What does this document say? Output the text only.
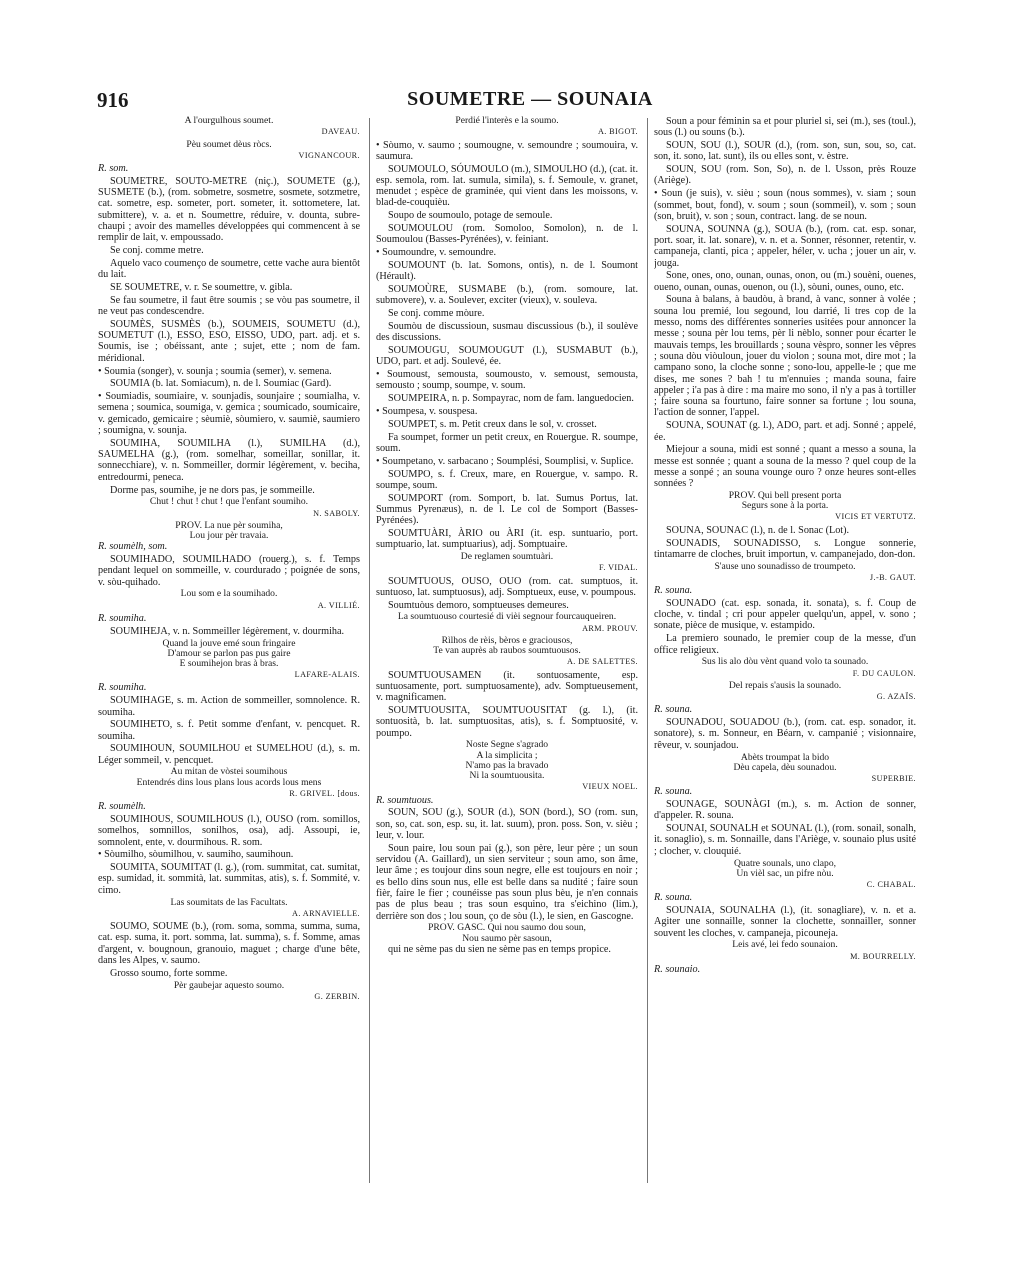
916	SOUMETRE — SOUNAIA

A l'ourgulhous soumet.

DAVEAU.

Pèu soumet dèus ròcs.

VIGNANCOUR.

R. som.

SOUMETRE, SOUTO-METRE (niç.), SOUMETE (g.), SUSMETE (b.), (rom. sobmetre, sosmetre, sosmete, sotzmetre, cat. sometre, esp. someter, port. someter, it. sottometere, lat. submittere), v. a. et n. Soumettre, réduire, v. dounta, subre-chaupi ; avoir des mamelles développées qui commencent à se remplir de lait, v. empoussado.

Se conj. comme metre.

Aquelo vaco coumenço de soumetre, cette vache aura bientôt du lait.

SE SOUMETRE, v. r. Se soumettre, v. gibla.

Se fau soumetre, il faut être soumis ; se vòu pas soumetre, il ne veut pas condescendre.

SOUMÈS, SUSMÈS (b.), SOUMEIS, SOUMETU (d.), SOUMETUT (l.), ESSO, ESO, EISSO, UDO, part. adj. et s. Soumis, ise ; obéissant, ante ; sujet, ette ; nom de fam. méridional.

• Soumia (songer), v. sounja ; soumia (semer), v. semena.

SOUMIA (b. lat. Somiacum), n. de l. Soumiac (Gard).

• Soumiadis, soumiaire, v. sounjadis, sounjaire ; soumialha, v. semena ; soumica, soumiga, v. gemica ; soumicado, soumicaire, v. gemicado, gemicaire ; sèumiè, sòumiero, v. saumiè, saumiero ; soumigna, v. sounja.

SOUMIHA, SOUMILHA (l.), SUMILHA (d.), SAUMELHA (g.), (rom. somelhar, someillar, sonillar, it. sonnecchiare), v. n. Sommeiller, dormir légèrement, v. beciha, entredourmi, peneca.

Dorme pas, soumihe, je ne dors pas, je sommeille.

Chut ! chut ! chut ! que l'enfant soumiho.

N. SABOLY.

PROV. La nue pèr soumiha,

Lou jour pèr travaia.

R. soumèlh, som.

SOUMIHADO, SOUMILHADO (rouerg.), s. f. Temps pendant lequel on sommeille, v. courdurado ; poignée de sons, v. sòu-quihado.

Lou som e la soumihado.

A. VILLIÉ.

R. soumiha.

SOUMIHEJA, v. n. Sommeiller légèrement, v. dourmiha.

Quand la jouve emé soun fringaire

D'amour se parlon pas pus gaire

E soumihejon bras à bras.

LAFARE-ALAIS.

R. soumiha.

SOUMIHAGE, s. m. Action de sommeiller, somnolence. R. soumiha.

SOUMIHETO, s. f. Petit somme d'enfant, v. pencquet. R. soumiha.

SOUMIHOUN, SOUMILHOU et SUMELHOU (d.), s. m. Léger sommeil, v. pencquet.

Au mitan de vòstei soumihous

Entendrés dins lous plans lous acords lous mens

R. GRIVEL. [dous.

R. soumèlh.

SOUMIHOUS, SOUMILHOUS (l.), OUSO (rom. somillos, somelhos, somnillos, sonilhos, osa), adj. Assoupi, ie, somnolent, ente, v. dourmihous. R. som.

• Sòumilho, sòumilhou, v. saumiho, saumihoun.

SOUMITA, SOUMITAT (l. g.), (rom. summitat, cat. sumitat, esp. sumidad, it. sommità, lat. summitas, atis), s. f. Sommité, v. cimo.

Las soumitats de las Facultats.

A. ARNAVIELLE.

SOUMO, SOUME (b.), (rom. soma, somma, summa, suma, cat. esp. suma, it. port. somma, lat. summa), s. f. Somme, amas d'argent, v. bougnoun, granouio, maguet ; charge d'une bête, dans les Alpes, v. saumo.

Grosso soumo, forte somme.

Pèr gaubejar aquesto soumo.

G. ZERBIN.

Perdié l'interès e la soumo.

A. BIGOT.

• Sòumo, v. saumo ; soumougne, v. semoundre ; soumouira, v. saumura.

SOUMOULO, SÓUMOULO (m.), SIMOULHO (d.), (cat. it. esp. semola, rom. lat. sumula, simila), s. f. Semoule, v. granet, menudet ; espèce de graminée, qui vient dans les moissons, v. blad-de-couquièu.

Soupo de soumoulo, potage de semoule.

SOUMOULOU (rom. Somoloo, Somolon), n. de l. Soumoulou (Basses-Pyrénées), v. feiniant.

• Soumoundre, v. semoundre.

SOUMOUNT (b. lat. Somons, ontis), n. de l. Soumont (Hérault).

SOUMOÙRE, SUSMABE (b.), (rom. somoure, lat. submovere), v. a. Soulever, exciter (vieux), v. souleva.

Se conj. comme mòure.

Soumòu de discussioun, susmau discussious (b.), il soulève des discussions.

SOUMOUGU, SOUMOUGUT (l.), SUSMABUT (b.), UDO, part. et adj. Soulevé, ée.

• Soumoust, semousta, soumousto, v. semoust, semousta, semousto ; soump, soumpe, v. soum.

SOUMPEIRA, n. p. Sompayrac, nom de fam. languedocien.

• Soumpesa, v. souspesa.

SOUMPET, s. m. Petit creux dans le sol, v. crosset.

Fa soumpet, former un petit creux, en Rouergue. R. soumpe, soum.

• Soumpetano, v. sarbacano ; Soumplési, Soumplisi, v. Suplice.

SOUMPO, s. f. Creux, mare, en Rouergue, v. sampo. R. soumpe, soum.

SOUMPORT (rom. Somport, b. lat. Sumus Portus, lat. Summus Pyrenæus), n. de l. Le col de Somport (Basses-Pyrénées).

SOUMTUÀRI, ÀRIO ou ÀRI (it. esp. suntuario, port. sumptuario, lat. sumptuarius), adj. Somptuaire.

De reglamen soumtuàri.

F. VIDAL.

SOUMTUOUS, OUSO, OUO (rom. cat. sumptuos, it. suntuoso, lat. sumptuosus), adj. Somptueux, euse, v. poumpous.

Soumtuòus demoro, somptueuses demeures.

La soumtuouso courtesié di vièi segnour fourcauqueiren.

ARM. PROUV.

Rìlhos de rèis, bèros e graciousos,

Te van auprès ab raubos soumtuousos.

A. DE SALETTES.

SOUMTUOUSAMEN (it. sontuosamente, esp. suntuosamente, port. sumptuosamente), adv. Somptueusement, v. magnificamen.

SOUMTUOUSITA, SOUMTUOUSITAT (g. l.), (it. sontuosità, b. lat. sumptuositas, atis), s. f. Somptuosité, v. poumpo.

Noste Segne s'agrado

A la simplicita ;

N'amo pas la bravado

Ni la soumtuousita.

VIEUX NOEL.

R. soumtuous.

SOUN, SOU (g.), SOUR (d.), SON (bord.), SO (rom. sun, son, so, cat. son, esp. su, it. lat. suum), pron. poss. Son, v. sièu ; leur, v. lour.

Soun paire, lou soun pai (g.), son père, leur père ; un soun servidou (A. Gaillard), un sien serviteur ; soun amo, son âme, leur âme ; es toujour dins soun negre, elle est toujours en noir ; es bello dins soun nus, elle est belle dans sa nudité ; faire soun fièr, faire le fier ; counéisse pas soun plus bèu, je n'en connais pas de plus beau ; tras soun esquino, tra s'eichino (lim.), derrière son dos ; lou soun, ço de sòu (l.), le sien, en Gascogne.

PROV. GASC. Qui nou saumo dou soun,

Nou saumo pèr sasoun,

qui ne sème pas du sien ne sème pas en temps propice.

Soun a pour féminin sa et pour pluriel si, sei (m.), ses (toul.), sous (l.) ou souns (b.).

SOUN, SOU (l.), SOUR (d.), (rom. son, sun, sou, so, cat. son, it. sono, lat. sunt), ils ou elles sont, v. èstre.

SOUN, SOU (rom. Son, So), n. de l. Usson, près Rouze (Ariège).

• Soun (je suis), v. sièu ; soun (nous sommes), v. siam ; soun (sommet, bout, fond), v. soum ; soun (sommeil), v. som ; soun (son, bruit), v. son ; soun, contract. lang. de se noun.

SOUNA, SOUNNA (g.), SOUA (b.), (rom. cat. esp. sonar, port. soar, it. lat. sonare), v. n. et a. Sonner, résonner, retentir, v. campaneja, clanti, pica ; appeler, héler, v. ucha ; jouer un air, v. jouga.

Sone, ones, ono, ounan, ounas, onon, ou (m.) souèni, ouenes, oueno, ounan, ounas, ouenon, ou (l.), sòuni, ounes, ouno, etc.

Souna à balans, à baudòu, à brand, à vanc, sonner à volée ; souna lou premié, lou segound, lou darrié, li tres cop de la messo, noms des différentes sonneries usitées pour annoncer la messe ; souna pèr lou tems, pèr li nèblo, sonner pour écarter le mauvais temps, les brouillards ; souna vèspro, sonner les vêpres ; souna dòu viòuloun, jouer du violon ; souna mot, dire mot ; la campano sono, la cloche sonne ; sono-lou, appelle-le ; que me dises, me sones ? bah ! tu m'ennuies ; manda souna, faire appeler ; i'a pas à dire : ma maire mo sono, il n'y a pas à tortiller ; faire souna sa fourtuno, faire sonner sa fortune ; lou souna, l'action de sonner, l'appel.

SOUNA, SOUNAT (g. l.), ADO, part. et adj. Sonné ; appelé, ée.

Miejour a souna, midi est sonné ; quant a messo a souna, la messe est sonnée ; quant a souna de la messo ? quel coup de la messe a sonpé ; an souna vounge ouro ? onze heures sont-elles sonnées ?

PROV. Qui bell present porta

Segurs sone à la porta.

VICIS ET VERTUTZ.

SOUNA, SOUNAC (l.), n. de l. Sonac (Lot).

SOUNADIS, SOUNADISSO, s. Longue sonnerie, tintamarre de cloches, bruit importun, v. campanejado, don-don.

S'ause uno sounadisso de troumpeto.

J.-B. GAUT.

R. souna.

SOUNADO (cat. esp. sonada, it. sonata), s. f. Coup de cloche, v. tindal ; cri pour appeler quelqu'un, appel, v. sono ; sonate, pièce de musique, v. estampido.

La premiero sounado, le premier coup de la messe, d'un office religieux.

Sus lis alo dòu vènt quand volo ta sounado.

F. DU CAULON.

Del repais s'ausis la sounado.

G. AZAÏS.

R. souna.

SOUNADOU, SOUADOU (b.), (rom. cat. esp. sonador, it. sonatore), s. m. Sonneur, en Béarn, v. campanié ; visionnaire, rêveur, v. sounjadou.

Abèts troumpat la bido

Dèu capela, dèu sounadou.

SUPERBIE.

R. souna.

SOUNAGE, SOUNÀGI (m.), s. m. Action de sonner, d'appeler. R. souna.

SOUNAI, SOUNALH et SOUNAL (l.), (rom. sonail, sonalh, it. sonaglio), s. m. Sonnaille, dans l'Ariège, v. sounaio plus usité ; clocher, v. clouquié.

Quatre sounals, uno clapo,

Un vièl sac, un pifre nòu.

C. CHABAL.

R. souna.

SOUNAIA, SOUNALHA (l.), (it. sonagliare), v. n. et a. Agiter une sonnaille, sonner la clochette, sonnailler, sonner souvent les cloches, v. campaneja, picouneja.

Leis avé, lei fedo sounaion.

M. BOURRELLY.

R. sounaio.
